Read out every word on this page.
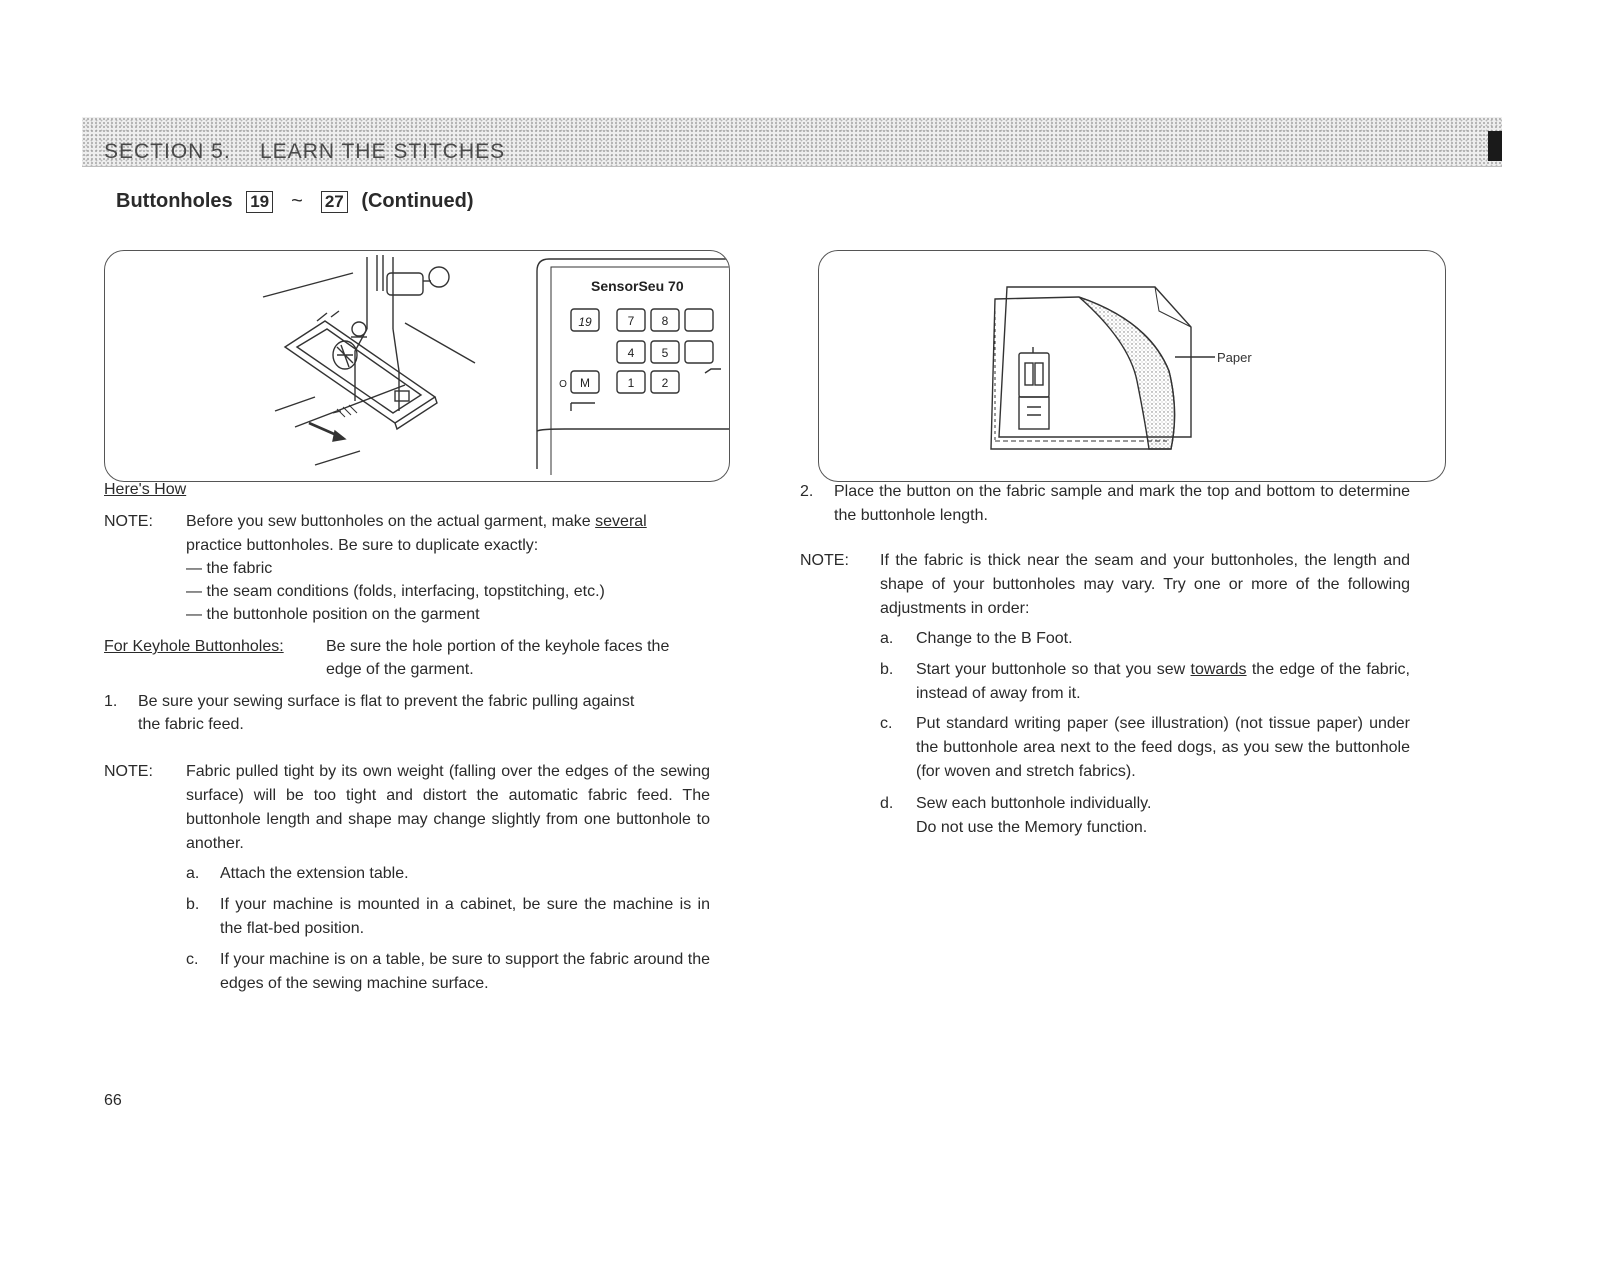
SECTION 5. LEARN THE STITCHES
Buttonholes 19 ~ 27 (Continued)
SensorSeu 70
19	7 8
4 5
M	1 2
O
Paper
Here's How
NOTE: Before you sew buttonholes on the actual garment, make several
practice buttonholes. Be sure to duplicate exactly:
— the fabric
— the seam conditions (folds, interfacing, topstitching, etc.)
— the buttonhole position on the garment
For Keyhole Buttonholes:	Be sure the hole portion of the keyhole faces the
edge of the garment.
1. Be sure your sewing surface is flat to prevent the fabric pulling against
the fabric feed.
NOTE: Fabric pulled tight by its own weight (falling over the edges of the sewing surface) will be too tight and distort the automatic fabric feed. The buttonhole length and shape may change slightly from one buttonhole to another.
a. Attach the extension table.
b. If your machine is mounted in a cabinet, be sure the machine is in the flat-bed position.
c. If your machine is on a table, be sure to support the fabric around the edges of the sewing machine surface.
2. Place the button on the fabric sample and mark the top and bottom to determine the buttonhole length.
NOTE: If the fabric is thick near the seam and your buttonholes, the length and shape of your buttonholes may vary. Try one or more of the following adjustments in order:
a. Change to the B Foot.
b. Start your buttonhole so that you sew towards the edge of the fabric, instead of away from it.
c. Put standard writing paper (see illustration) (not tissue paper) under the buttonhole area next to the feed dogs, as you sew the buttonhole (for woven and stretch fabrics).
d. Sew each buttonhole individually.
Do not use the Memory function.
66
